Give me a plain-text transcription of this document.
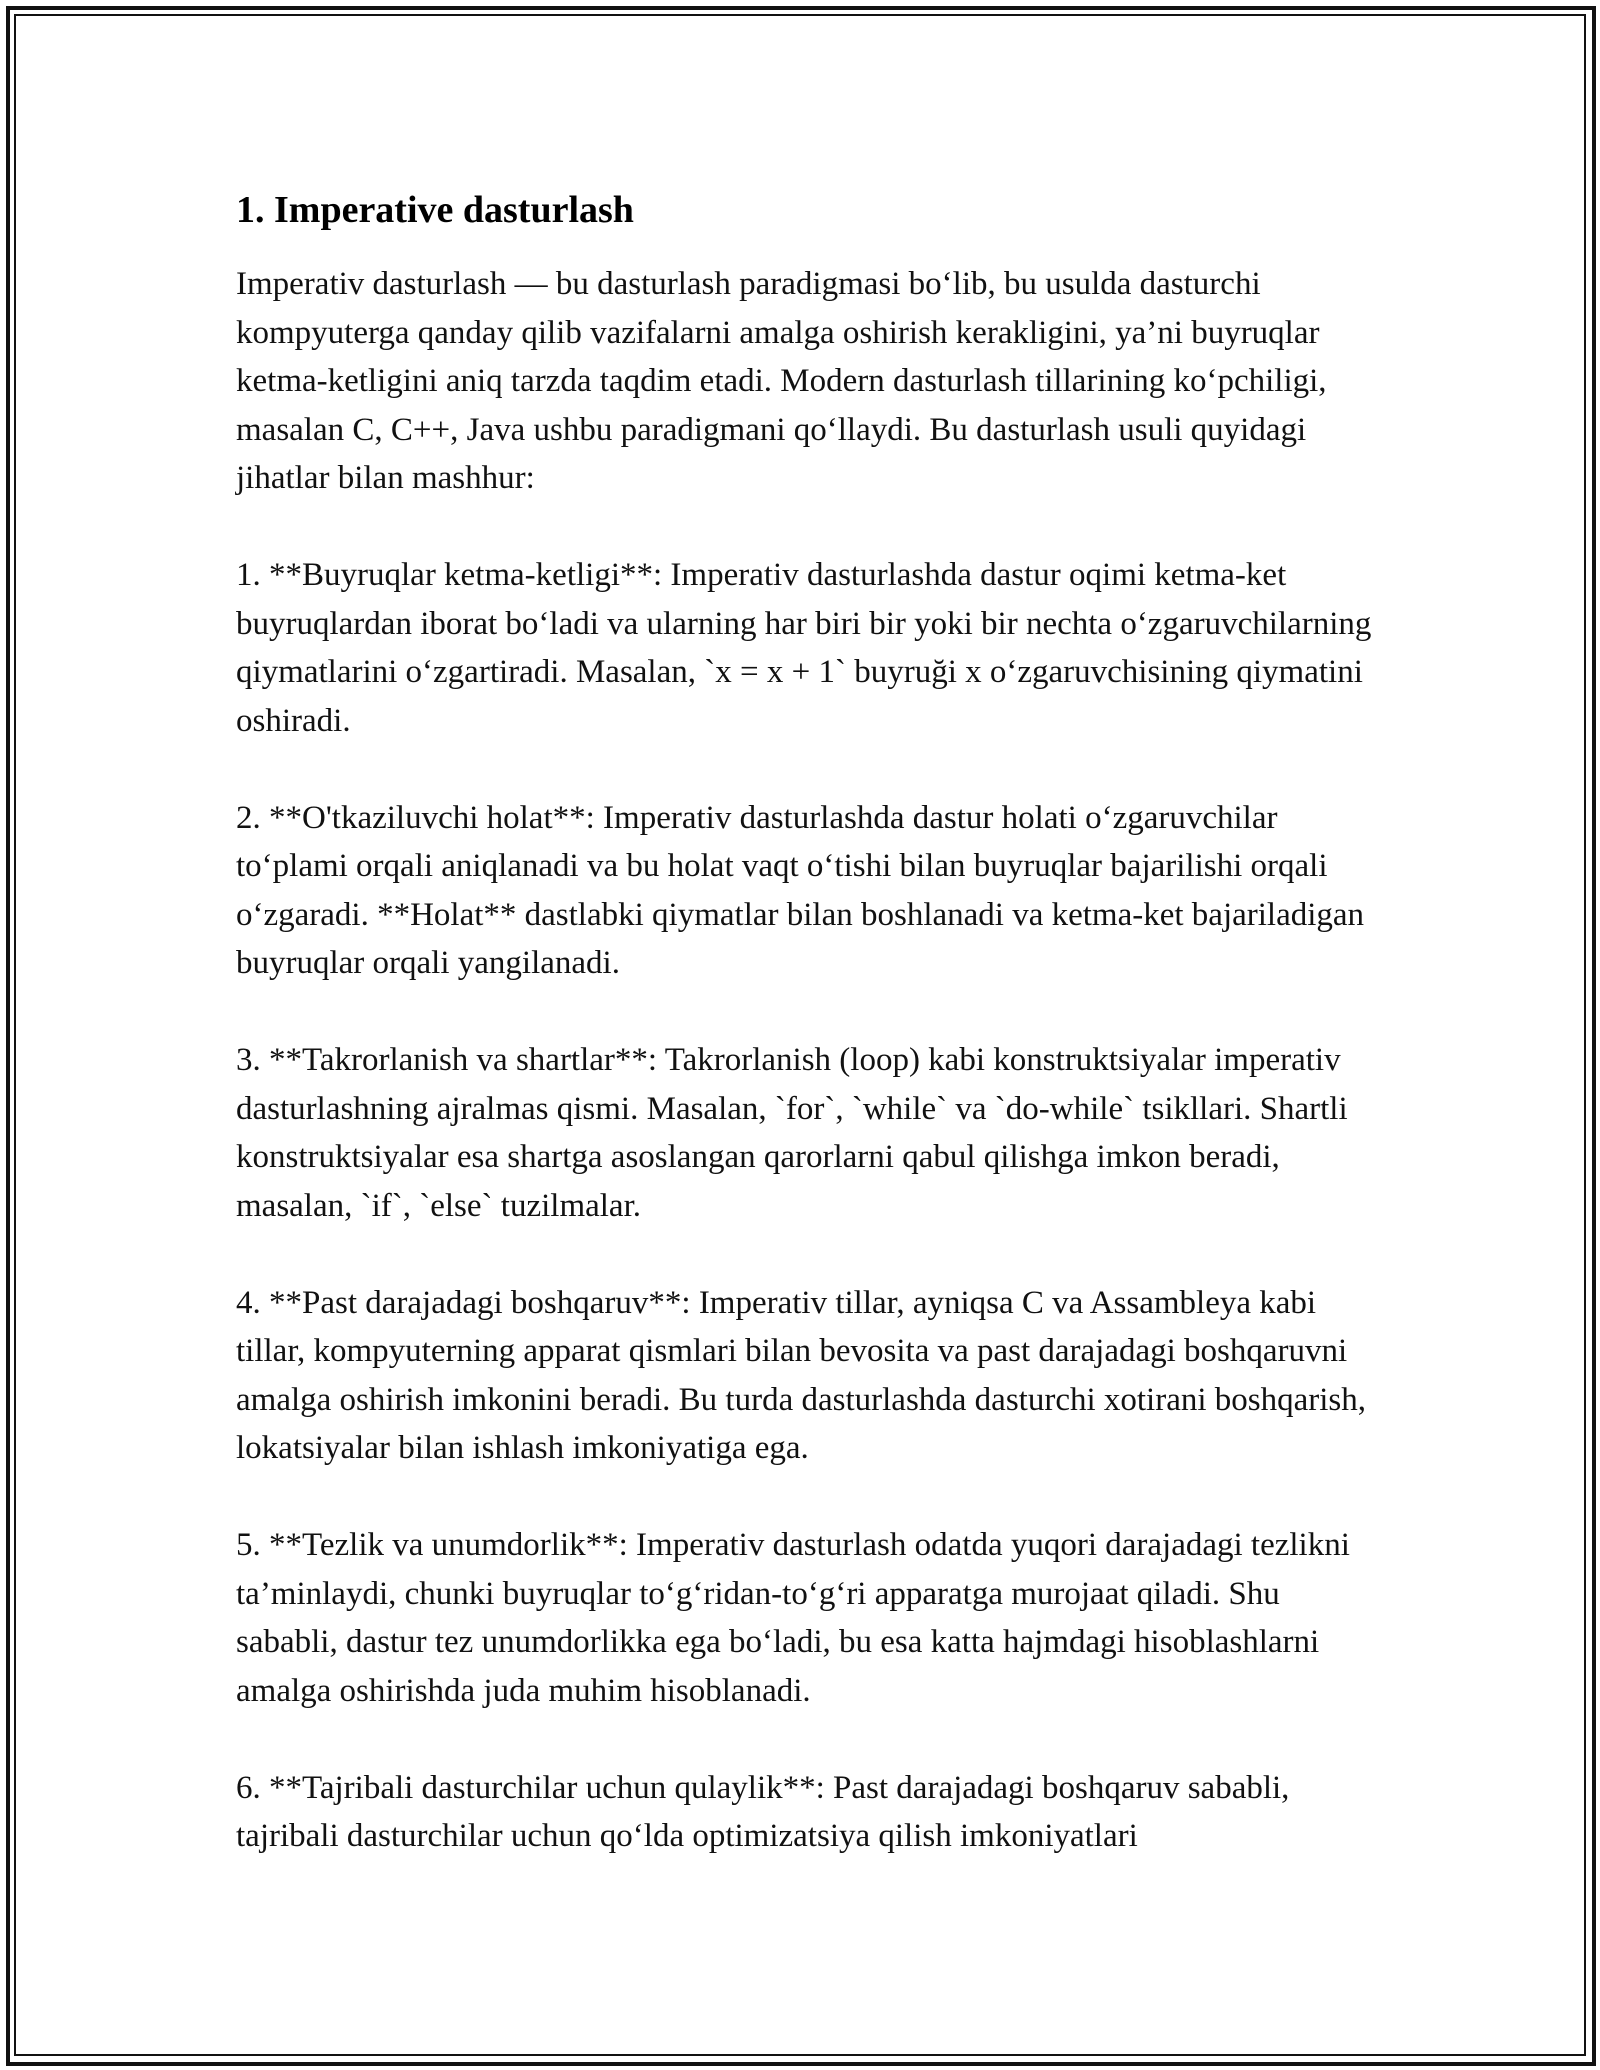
1. Imperative dasturlash

Imperativ dasturlash — bu dasturlash paradigmasi bo‘lib, bu usulda dasturchi kompyuterga qanday qilib vazifalarni amalga oshirish kerakligini, ya’ni buyruqlar ketma-ketligini aniq tarzda taqdim etadi. Modern dasturlash tillarining ko‘pchiligi, masalan C, C++, Java ushbu paradigmani qo‘llaydi. Bu dasturlash usuli quyidagi jihatlar bilan mashhur:

1. **Buyruqlar ketma-ketligi**: Imperativ dasturlashda dastur oqimi ketma-ket buyruqlardan iborat bo‘ladi va ularning har biri bir yoki bir nechta o‘zgaruvchilarning qiymatlarini o‘zgartiradi. Masalan, `x = x + 1` buyruği x o‘zgaruvchisining qiymatini oshiradi.

2. **O'tkaziluvchi holat**: Imperativ dasturlashda dastur holati o‘zgaruvchilar to‘plami orqali aniqlanadi va bu holat vaqt o‘tishi bilan buyruqlar bajarilishi orqali o‘zgaradi. **Holat** dastlabki qiymatlar bilan boshlanadi va ketma-ket bajariladigan buyruqlar orqali yangilanadi.

3. **Takrorlanish va shartlar**: Takrorlanish (loop) kabi konstruktsiyalar imperativ dasturlashning ajralmas qismi. Masalan, `for`, `while` va `do-while` tsikllari. Shartli konstruktsiyalar esa shartga asoslangan qarorlarni qabul qilishga imkon beradi, masalan, `if`, `else` tuzilmalar.

4. **Past darajadagi boshqaruv**: Imperativ tillar, ayniqsa C va Assambleya kabi tillar, kompyuterning apparat qismlari bilan bevosita va past darajadagi boshqaruvni amalga oshirish imkonini beradi. Bu turda dasturlashda dasturchi xotirani boshqarish, lokatsiyalar bilan ishlash imkoniyatiga ega.

5. **Tezlik va unumdorlik**: Imperativ dasturlash odatda yuqori darajadagi tezlikni ta’minlaydi, chunki buyruqlar to‘g‘ridan-to‘g‘ri apparatga murojaat qiladi. Shu sababli, dastur tez unumdorlikka ega bo‘ladi, bu esa katta hajmdagi hisoblashlarni amalga oshirishda juda muhim hisoblanadi.

6. **Tajribali dasturchilar uchun qulaylik**: Past darajadagi boshqaruv sababli, tajribali dasturchilar uchun qo‘lda optimizatsiya qilish imkoniyatlari
